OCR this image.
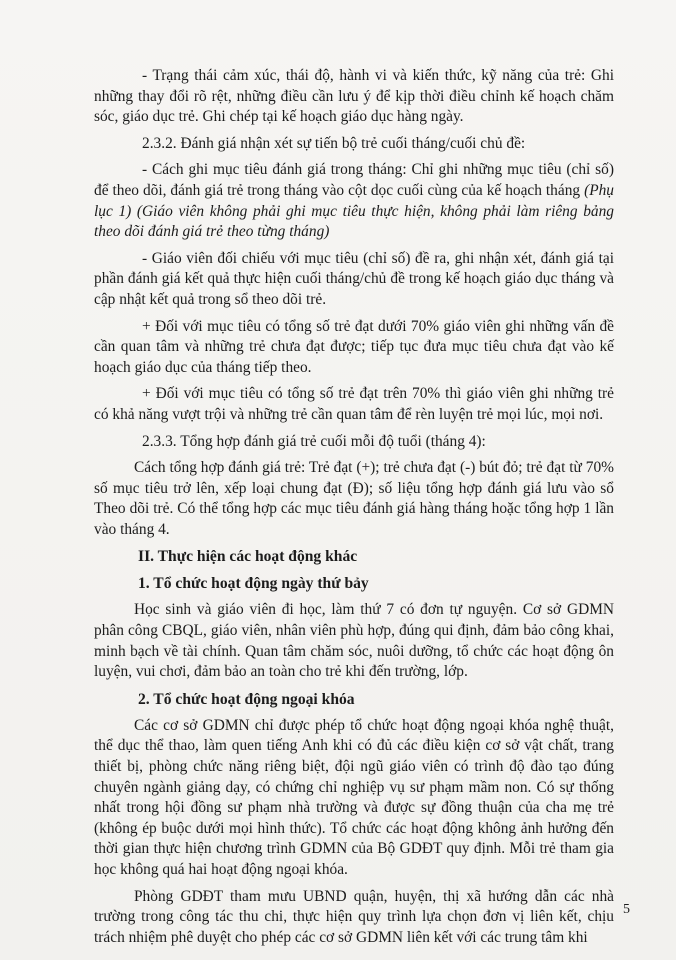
- Trạng thái cảm xúc, thái độ, hành vi và kiến thức, kỹ năng của trẻ: Ghi những thay đổi rõ rệt, những điều cần lưu ý để kịp thời điều chỉnh kế hoạch chăm sóc, giáo dục trẻ. Ghi chép tại kế hoạch giáo dục hàng ngày.

2.3.2. Đánh giá nhận xét sự tiến bộ trẻ cuối tháng/cuối chủ đề:

- Cách ghi mục tiêu đánh giá trong tháng: Chỉ ghi những mục tiêu (chỉ số) để theo dõi, đánh giá trẻ trong tháng vào cột dọc cuối cùng của kế hoạch tháng (Phụ lục 1) (Giáo viên không phải ghi mục tiêu thực hiện, không phải làm riêng bảng theo dõi đánh giá trẻ theo từng tháng)

- Giáo viên đối chiếu với mục tiêu (chỉ số) đề ra, ghi nhận xét, đánh giá tại phần đánh giá kết quả thực hiện cuối tháng/chủ đề trong kế hoạch giáo dục tháng và cập nhật kết quả trong sổ theo dõi trẻ.

+ Đối với mục tiêu có tổng số trẻ đạt dưới 70% giáo viên ghi những vấn đề cần quan tâm và những trẻ chưa đạt được; tiếp tục đưa mục tiêu chưa đạt vào kế hoạch giáo dục của tháng tiếp theo.

+ Đối với mục tiêu có tổng số trẻ đạt trên 70% thì giáo viên ghi những trẻ có khả năng vượt trội và những trẻ cần quan tâm để rèn luyện trẻ mọi lúc, mọi nơi.

2.3.3. Tổng hợp đánh giá trẻ cuối mỗi độ tuổi (tháng 4):

Cách tổng hợp đánh giá trẻ: Trẻ đạt (+); trẻ chưa đạt (-) bút đỏ; trẻ đạt từ 70% số mục tiêu trở lên, xếp loại chung đạt (Đ); số liệu tổng hợp đánh giá lưu vào sổ Theo dõi trẻ. Có thể tổng hợp các mục tiêu đánh giá hàng tháng hoặc tổng hợp 1 lần vào tháng 4.

II. Thực hiện các hoạt động khác
1. Tổ chức hoạt động ngày thứ bảy

Học sinh và giáo viên đi học, làm thứ 7 có đơn tự nguyện. Cơ sở GDMN phân công CBQL, giáo viên, nhân viên phù hợp, đúng qui định, đảm bảo công khai, minh bạch về tài chính. Quan tâm chăm sóc, nuôi dưỡng, tổ chức các hoạt động ôn luyện, vui chơi, đảm bảo an toàn cho trẻ khi đến trường, lớp.

2. Tổ chức hoạt động ngoại khóa

Các cơ sở GDMN chỉ được phép tổ chức hoạt động ngoại khóa nghệ thuật, thể dục thể thao, làm quen tiếng Anh khi có đủ các điều kiện cơ sở vật chất, trang thiết bị, phòng chức năng riêng biệt, đội ngũ giáo viên có trình độ đào tạo đúng chuyên ngành giảng dạy, có chứng chỉ nghiệp vụ sư phạm mầm non. Có sự thống nhất trong hội đồng sư phạm nhà trường và được sự đồng thuận của cha mẹ trẻ (không ép buộc dưới mọi hình thức). Tổ chức các hoạt động không ảnh hưởng đến thời gian thực hiện chương trình GDMN của Bộ GDĐT quy định. Mỗi trẻ tham gia học không quá hai hoạt động ngoại khóa.

Phòng GDĐT tham mưu UBND quận, huyện, thị xã hướng dẫn các nhà trường trong công tác thu chi, thực hiện quy trình lựa chọn đơn vị liên kết, chịu trách nhiệm phê duyệt cho phép các cơ sở GDMN liên kết với các trung tâm khi

5
